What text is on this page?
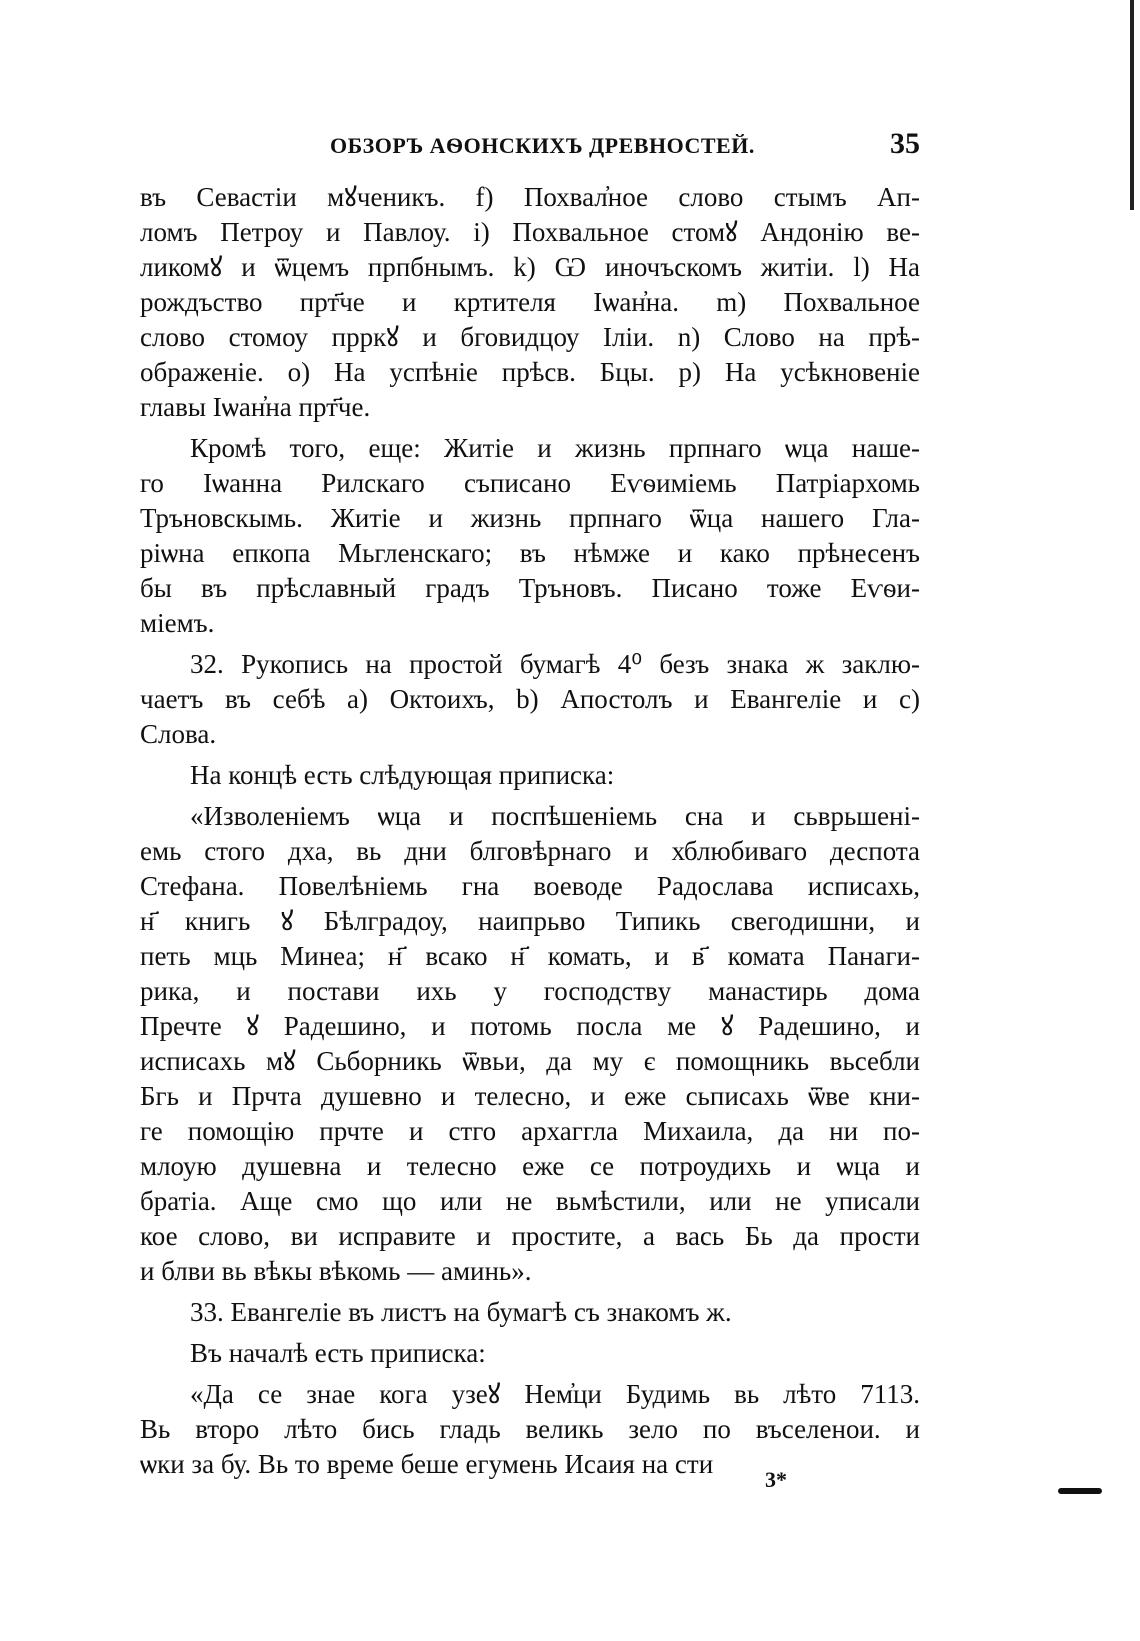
ОБЗОРЪ АѲОНСКИХЪ ДРЕВНОСТЕЙ.	35
въ Севастіи мꙋченикъ. f) Похвал҆ное слово стымъ Ап-
ломъ Петроу и Павлоу. i) Похвальное стомꙋ Андонію ве-
ликомꙋ и ѿцемъ прпбнымъ. k) Ѡ иночъскомъ житіи. l) На
рождъство прт҃че и кртителя Іѡан҆на. m) Похвальное
слово стомоу прркꙋ и бговидцоу Іліи. n) Слово на прѣ-
ображеніе. o) На успѣніе прѣсв. Бцы. p) На усѣкновеніе
главы Іѡан҆на прт҃че.
Кромѣ того, еще: Житіе и жизнь прпнаго ѡца наше-
го Іѡанна Рилскаго съписано Еѵѳиміемь Патріархомь
Тръновскымь. Житіе и жизнь прпнаго ѿца нашего Гла-
ріѡна епкопа Мьгленскаго; въ нѣмже и како прѣнесенъ
бы въ прѣславный градъ Тръновъ. Писано тоже Еѵѳи-
міемъ.
32. Рукопись на простой бумагѣ 4⁰ безъ знака ж заклю-
чаетъ въ себѣ a) Октоихъ, b) Апостолъ и Евангеліе и c)
Слова.
На концѣ есть слѣдующая приписка:
«Изволеніемъ ѡца и поспѣшеніемь сна и сьврьшені-
емь стого дха, вь дни блговѣрнаго и хблюбиваго деспота
Стефана. Повелѣніемь гна воеводе Радослава исписахь,
н҃ книгь ꙋ Бѣлградоу, наипрьво Типикь свегодишни, и
петь мць Минеа; н҃ всако н҃ комать, и в҃ комата Панаги-
рика, и постави ихь у господствy манастирь дома
Пречте ꙋ Радешино, и потомь посла ме ꙋ Радешино, и
исписахь мꙋ Сьборникь ѿвьи, да му є помощникь вьсебли
Бгь и Прчта душевно и телесно, и еже сьписахь ѿве кни-
ге помощію прчте и стго архаггла Михаила, да ни по-
млоую душевна и телесно еже се потроудихь и ѡца и
братіа. Аще смо що или не вьмѣстили, или не уписали
кое слово, ви исправите и простите, а вась Бь да прости
и блви вь вѣкы вѣкомь — аминь».
33. Евангеліе въ листъ на бумагѣ съ знакомъ ж.
Въ началѣ есть приписка:
«Да се знае кога узеꙋ Нем҆ци Будимь вь лѣто 7113.
Вь второ лѣто бись гладь великь зело по въселенои. и
ѡки за бу. Вь то време беше егумень Исаия на сти
3*
